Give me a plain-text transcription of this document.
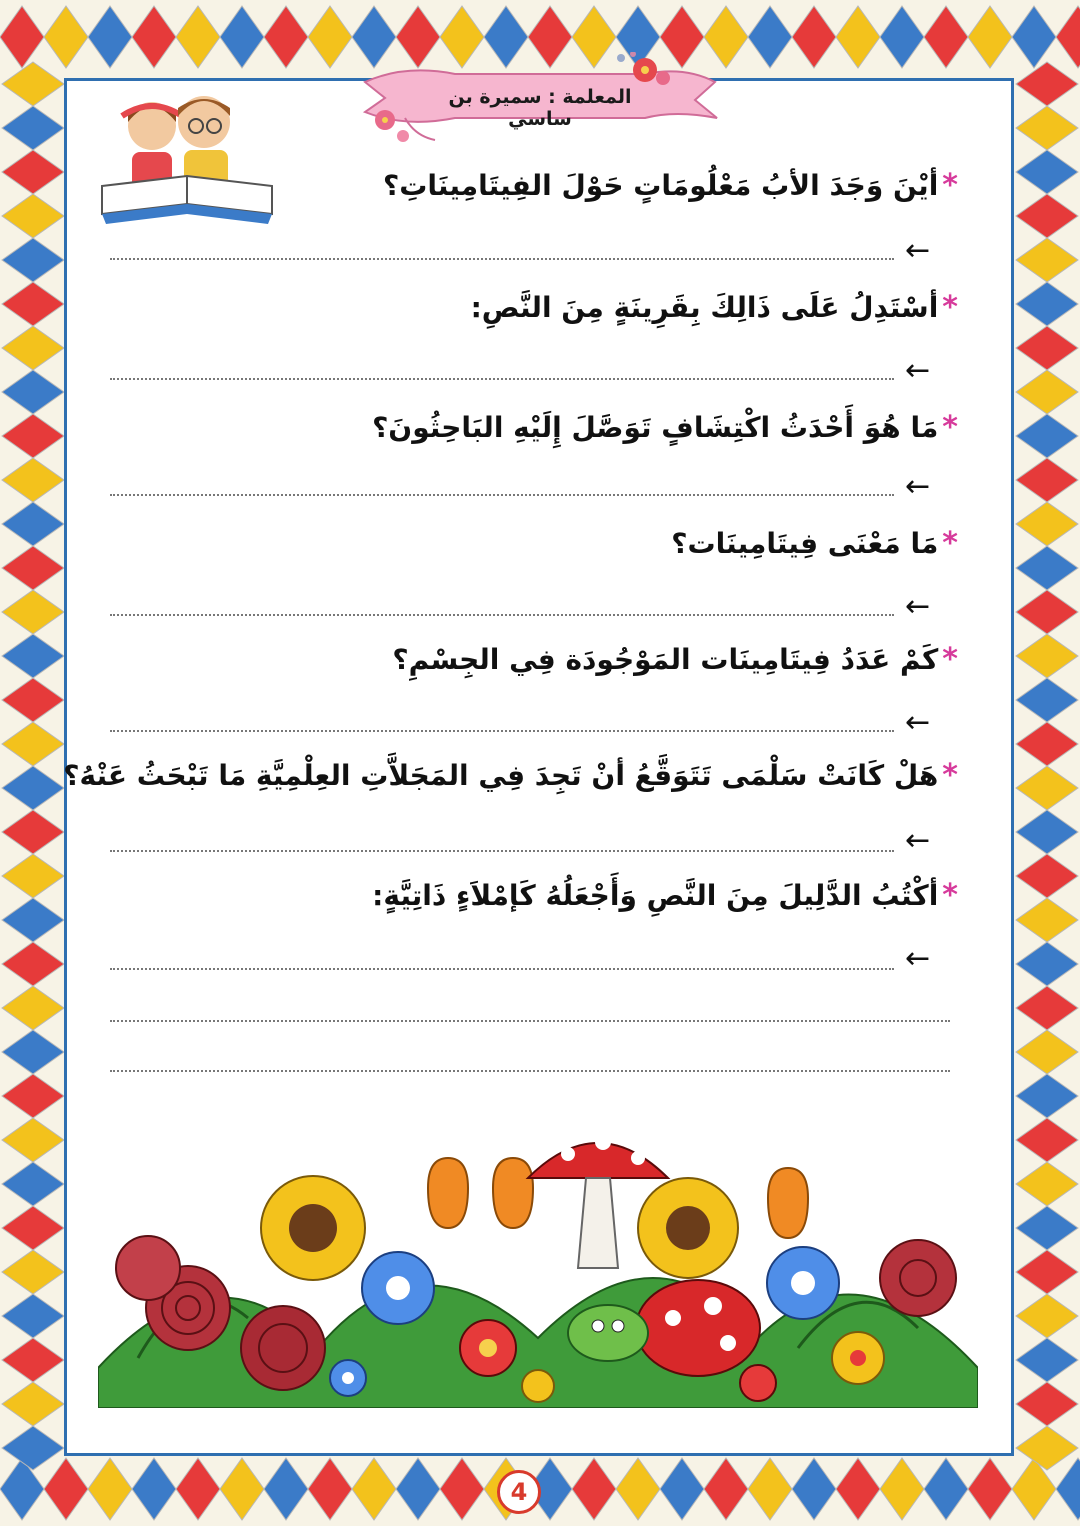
المعلمة : سميرة بن ساسي
*أيْنَ وَجَدَ الأبُ مَعْلُومَاتٍ حَوْلَ الفِيتَامِينَاتِ؟
←
*أسْتَدِلُ عَلَى ذَالِكَ بِقَرِينَةٍ مِنَ النَّصِ:
←
*مَا هُوَ أَحْدَثُ اكْتِشَافٍ تَوَصَّلَ إِلَيْهِ البَاحِثُونَ؟
←
*مَا مَعْنَى فِيتَامِينَات؟
←
*كَمْ عَدَدُ فِيتَامِينَات المَوْجُودَة فِي الجِسْمِ؟
←
*هَلْ كَانَتْ سَلْمَى تَتَوَقَّعُ أنْ تَجِدَ فِي المَجَلاَّتِ العِلْمِيَّةِ مَا تَبْحَثُ عَنْهُ؟
←
*أكْتُبُ الدَّلِيلَ مِنَ النَّصِ وَأَجْعَلُهُ كَإمْلاَءٍ ذَاتِيَّةٍ:
←
4
